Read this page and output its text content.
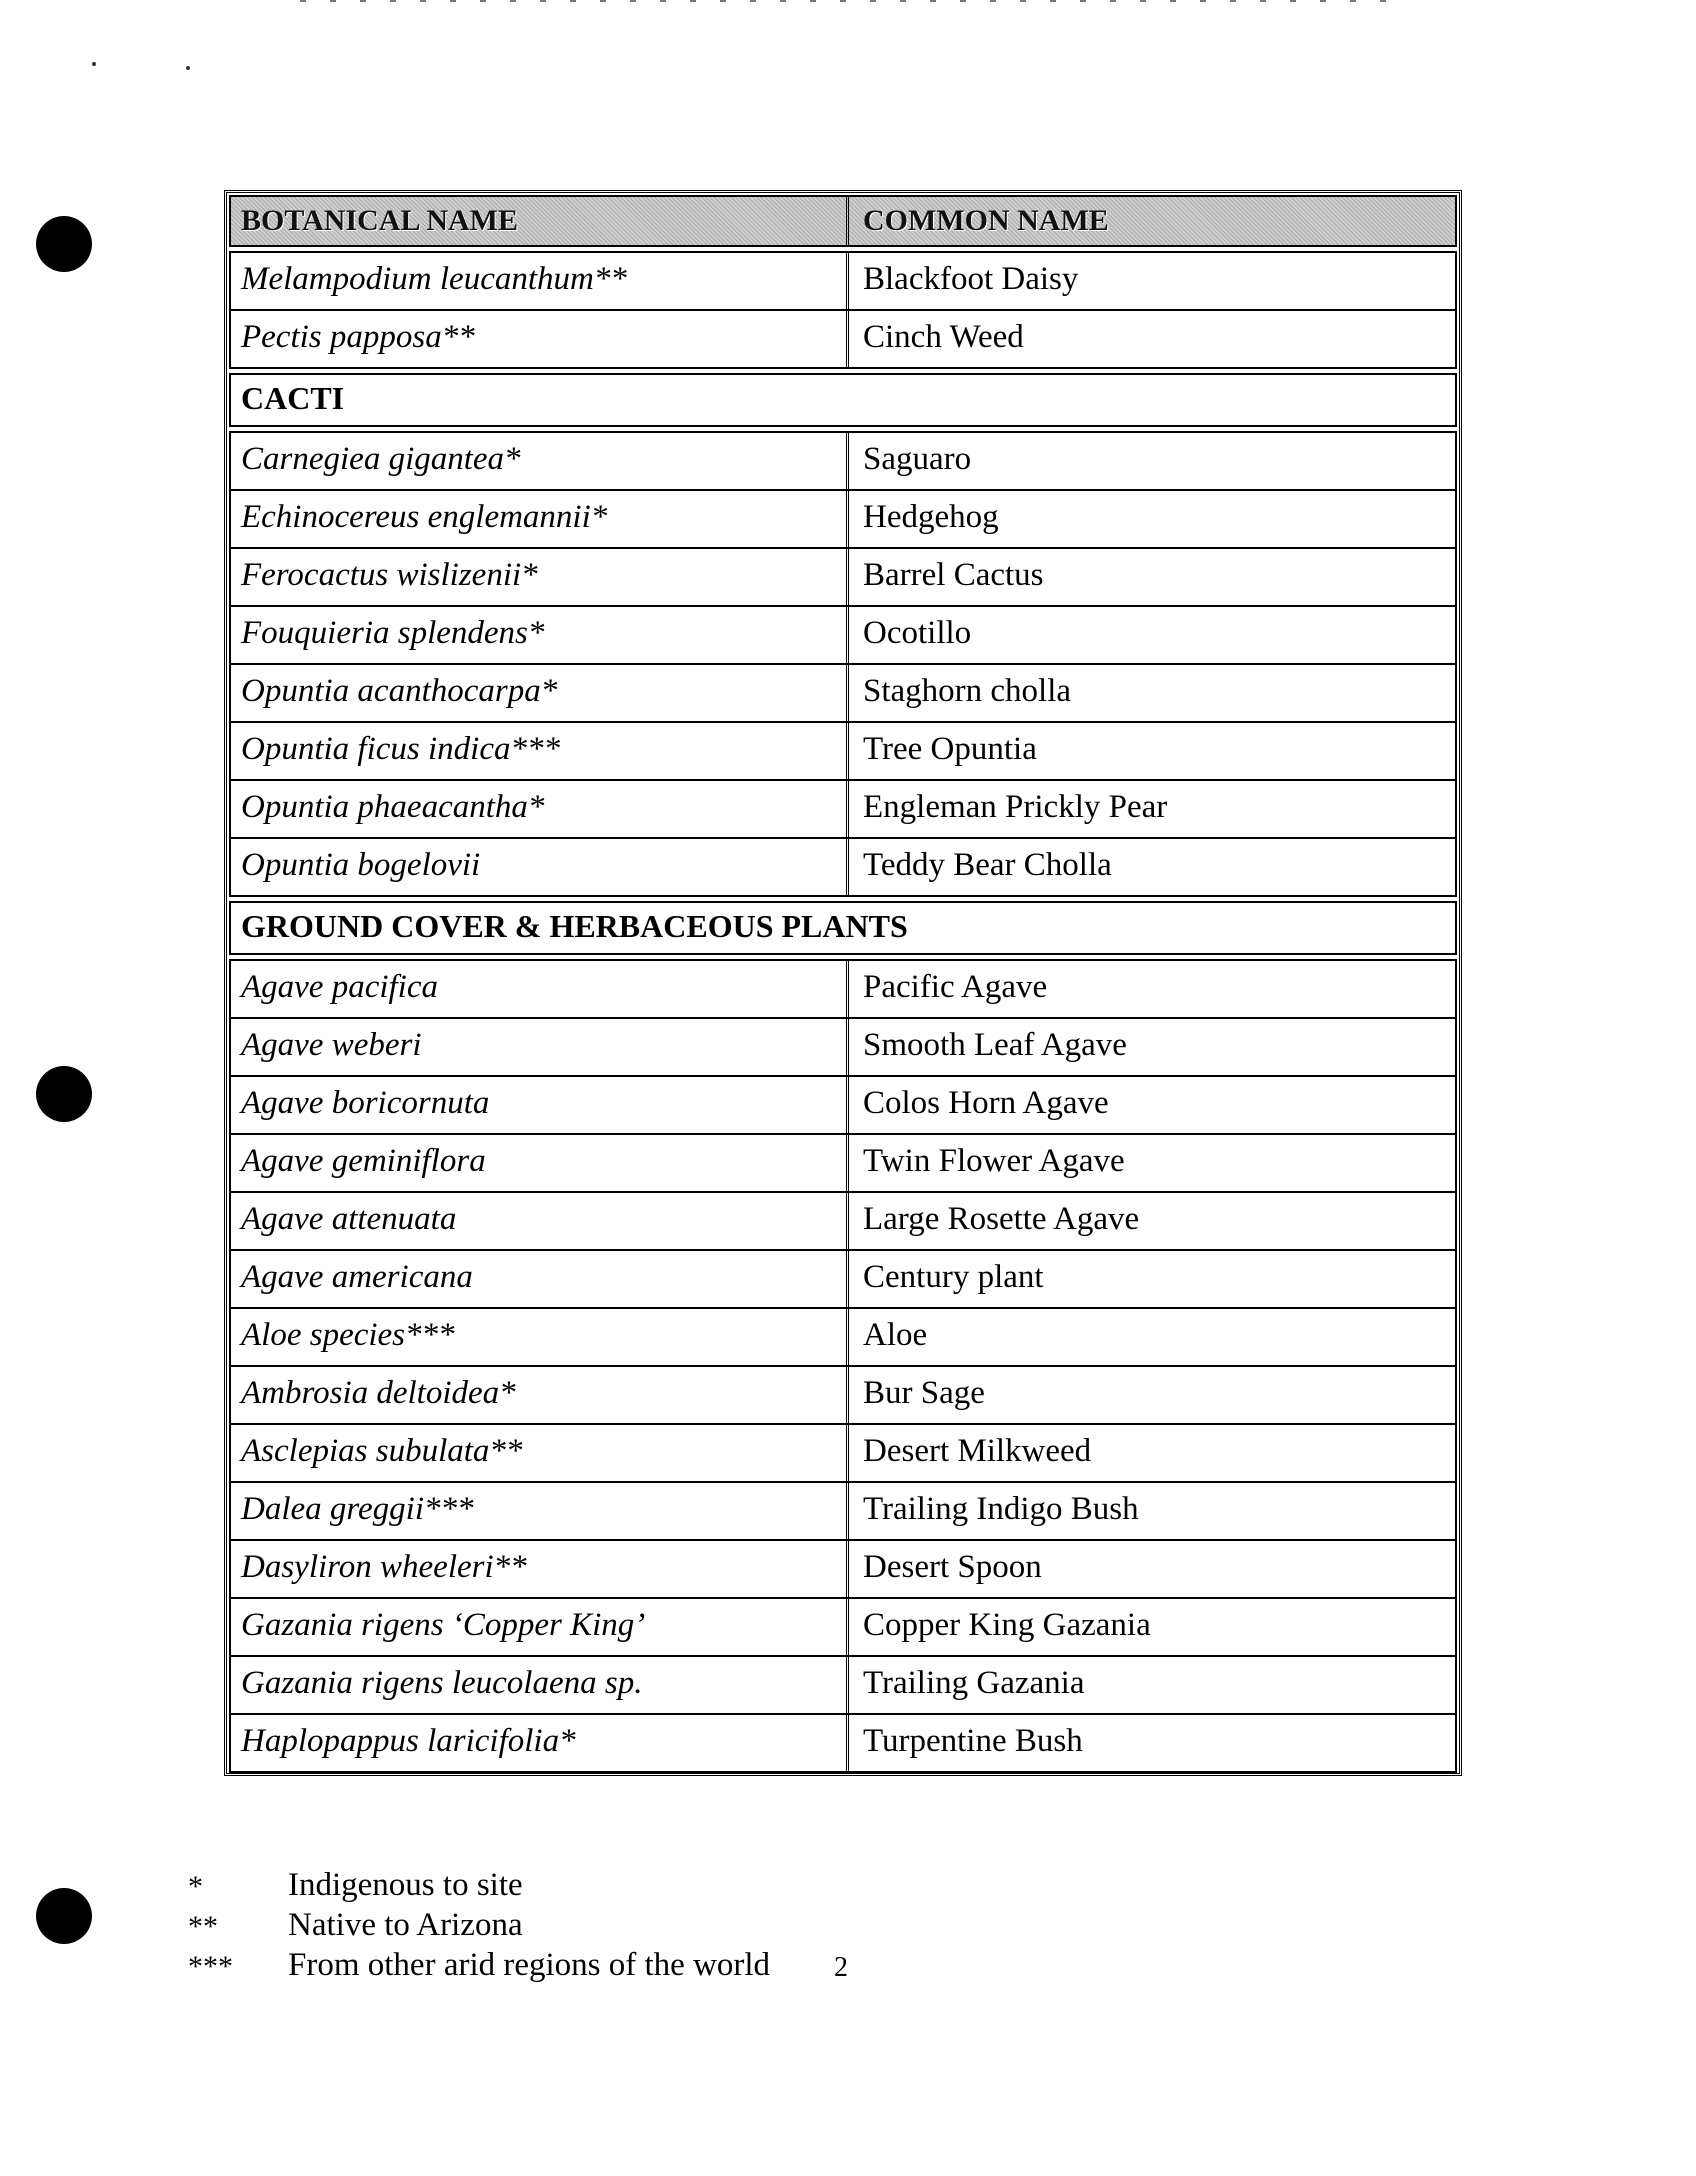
BOTANICAL NAME	COMMON NAME
Melampodium leucanthum**	Blackfoot Daisy
Pectis papposa**	Cinch Weed
CACTI
Carnegiea gigantea*	Saguaro
Echinocereus englemannii*	Hedgehog
Ferocactus wislizenii*	Barrel Cactus
Fouquieria splendens*	Ocotillo
Opuntia acanthocarpa*	Staghorn cholla
Opuntia ficus indica***	Tree Opuntia
Opuntia phaeacantha*	Engleman Prickly Pear
Opuntia bogelovii	Teddy Bear Cholla
GROUND COVER & HERBACEOUS PLANTS
Agave pacifica	Pacific Agave
Agave weberi	Smooth Leaf Agave
Agave boricornuta	Colos Horn Agave
Agave geminiflora	Twin Flower Agave
Agave attenuata	Large Rosette Agave
Agave americana	Century plant
Aloe species***	Aloe
Ambrosia deltoidea*	Bur Sage
Asclepias subulata**	Desert Milkweed
Dalea greggii***	Trailing Indigo Bush
Dasyliron wheeleri**	Desert Spoon
Gazania rigens ‘Copper King’	Copper King Gazania
Gazania rigens leucolaena sp.	Trailing Gazania
Haplopappus laricifolia*	Turpentine Bush
*	Indigenous to site
**	Native to Arizona
***	From other arid regions of the world 2
